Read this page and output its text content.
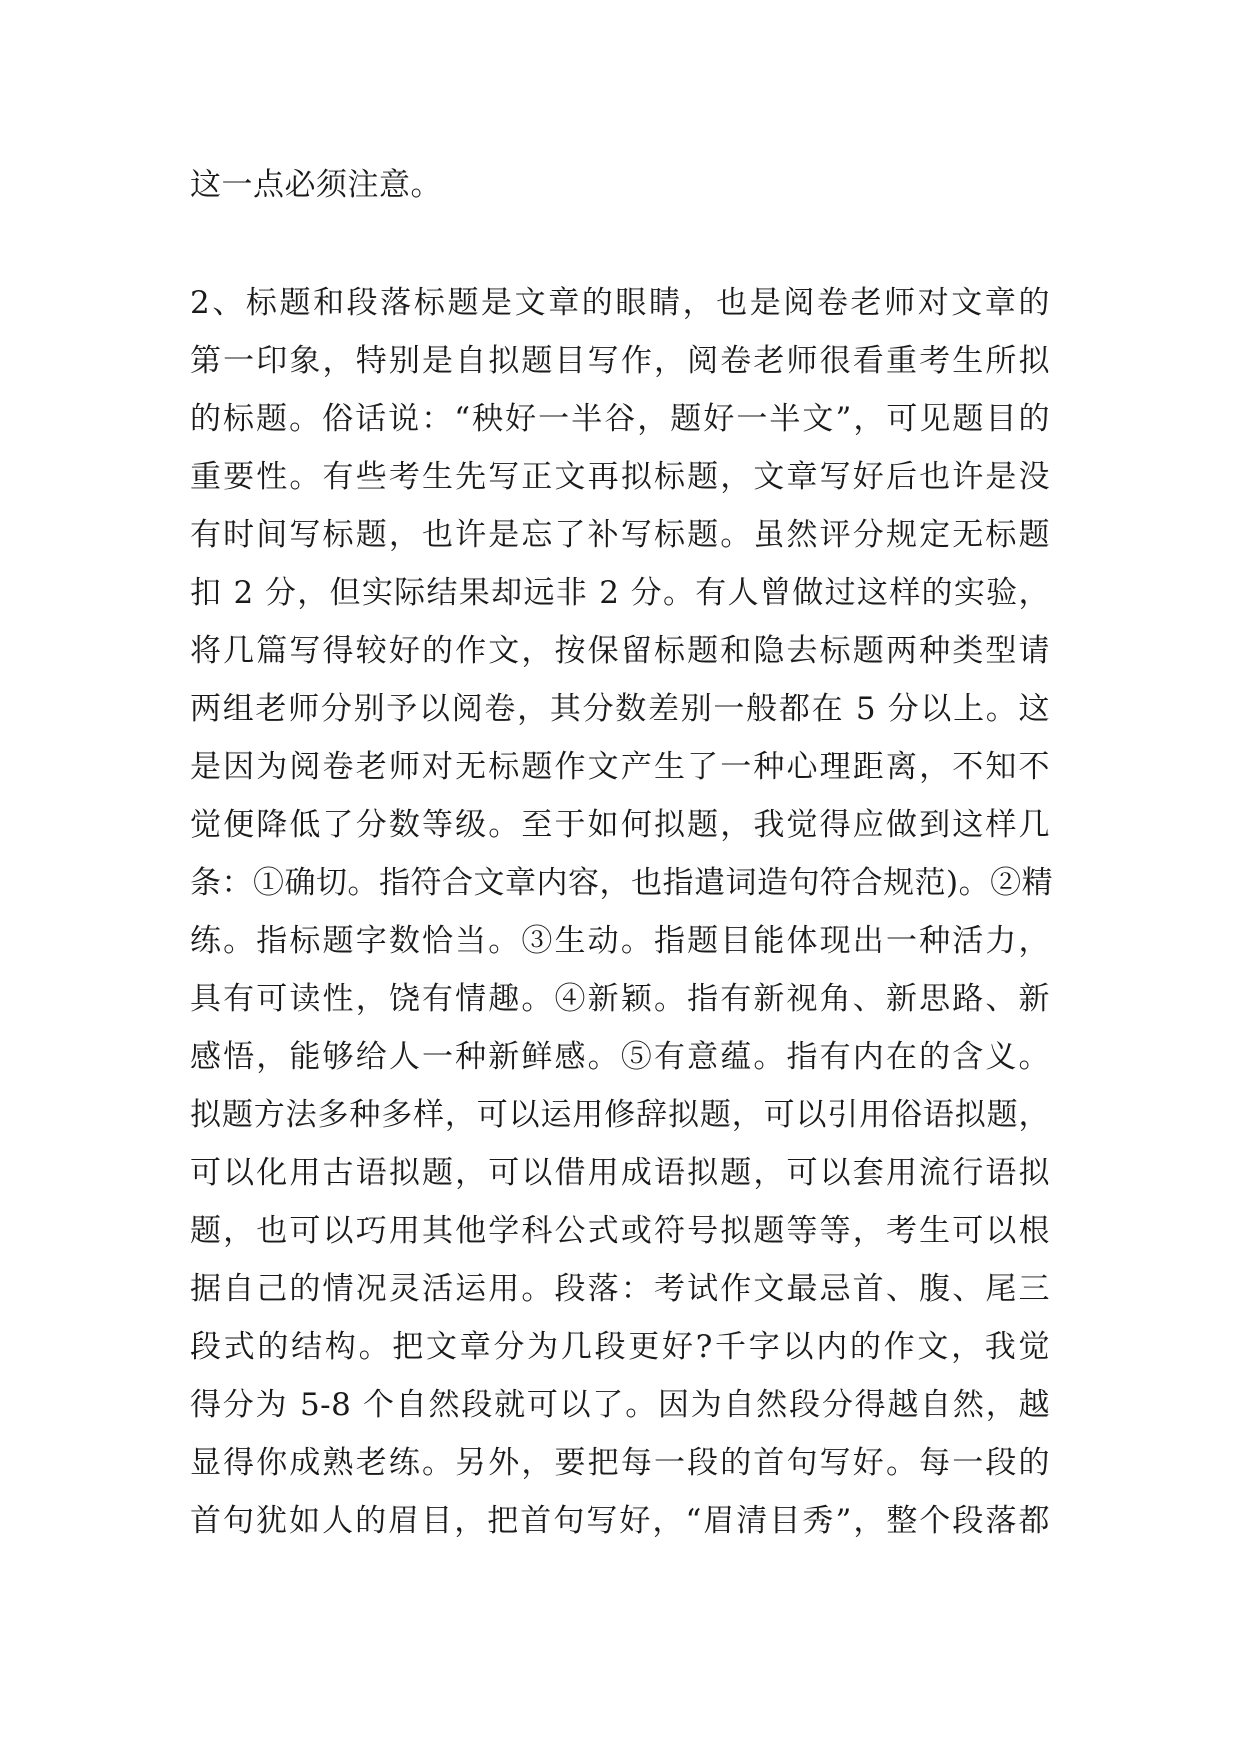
这一点必须注意。
2、标题和段落标题是文章的眼睛，也是阅卷老师对文章的
第一印象，特别是自拟题目写作，阅卷老师很看重考生所拟
的标题。俗话说：“秧好一半谷，题好一半文”，可见题目的
重要性。有些考生先写正文再拟标题，文章写好后也许是没
有时间写标题，也许是忘了补写标题。虽然评分规定无标题
扣 2 分，但实际结果却远非 2 分。有人曾做过这样的实验，
将几篇写得较好的作文，按保留标题和隐去标题两种类型请
两组老师分别予以阅卷，其分数差别一般都在 5 分以上。这
是因为阅卷老师对无标题作文产生了一种心理距离，不知不
觉便降低了分数等级。至于如何拟题，我觉得应做到这样几
条：①确切。指符合文章内容，也指遣词造句符合规范)。②精
练。指标题字数恰当。③生动。指题目能体现出一种活力，
具有可读性，饶有情趣。④新颖。指有新视角、新思路、新
感悟，能够给人一种新鲜感。⑤有意蕴。指有内在的含义。
拟题方法多种多样，可以运用修辞拟题，可以引用俗语拟题，
可以化用古语拟题，可以借用成语拟题，可以套用流行语拟
题，也可以巧用其他学科公式或符号拟题等等，考生可以根
据自己的情况灵活运用。段落：考试作文最忌首、腹、尾三
段式的结构。把文章分为几段更好?千字以内的作文，我觉
得分为 5-8 个自然段就可以了。因为自然段分得越自然，越
显得你成熟老练。另外，要把每一段的首句写好。每一段的
首句犹如人的眉目，把首句写好，“眉清目秀”，整个段落都
